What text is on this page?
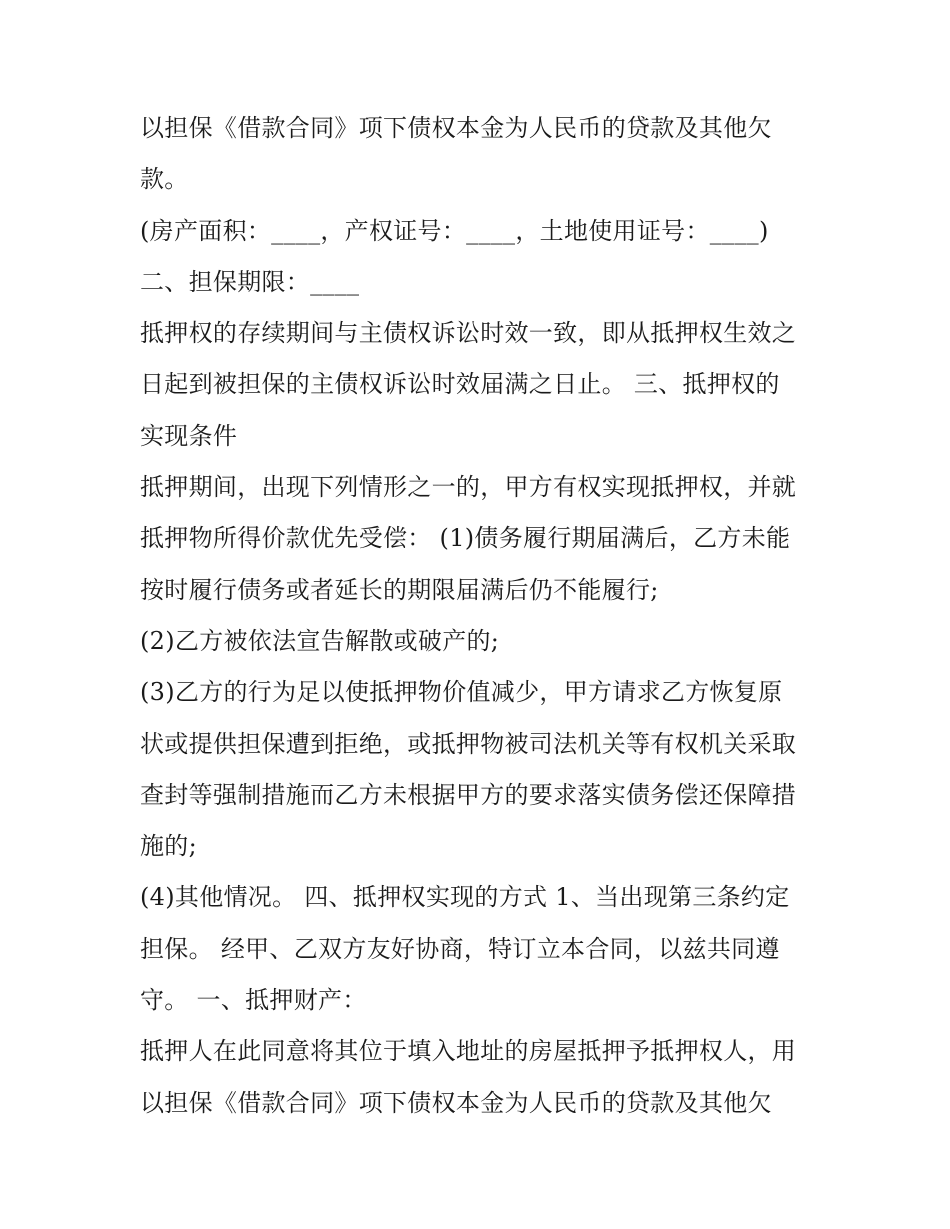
以担保《借款合同》项下债权本金为人民币的贷款及其他欠
款。
(房产面积：____，产权证号：____，土地使用证号：____)
二、担保期限：____
抵押权的存续期间与主债权诉讼时效一致，即从抵押权生效之
日起到被担保的主债权诉讼时效届满之日止。 三、抵押权的
实现条件
抵押期间，出现下列情形之一的，甲方有权实现抵押权，并就
抵押物所得价款优先受偿： (1)债务履行期届满后，乙方未能
按时履行债务或者延长的期限届满后仍不能履行;
(2)乙方被依法宣告解散或破产的;
(3)乙方的行为足以使抵押物价值减少，甲方请求乙方恢复原
状或提供担保遭到拒绝，或抵押物被司法机关等有权机关采取
查封等强制措施而乙方未根据甲方的要求落实债务偿还保障措
施的;
(4)其他情况。 四、抵押权实现的方式 1、当出现第三条约定
担保。 经甲、乙双方友好协商，特订立本合同，以兹共同遵
守。 一、抵押财产：
抵押人在此同意将其位于填入地址的房屋抵押予抵押权人，用
以担保《借款合同》项下债权本金为人民币的贷款及其他欠
